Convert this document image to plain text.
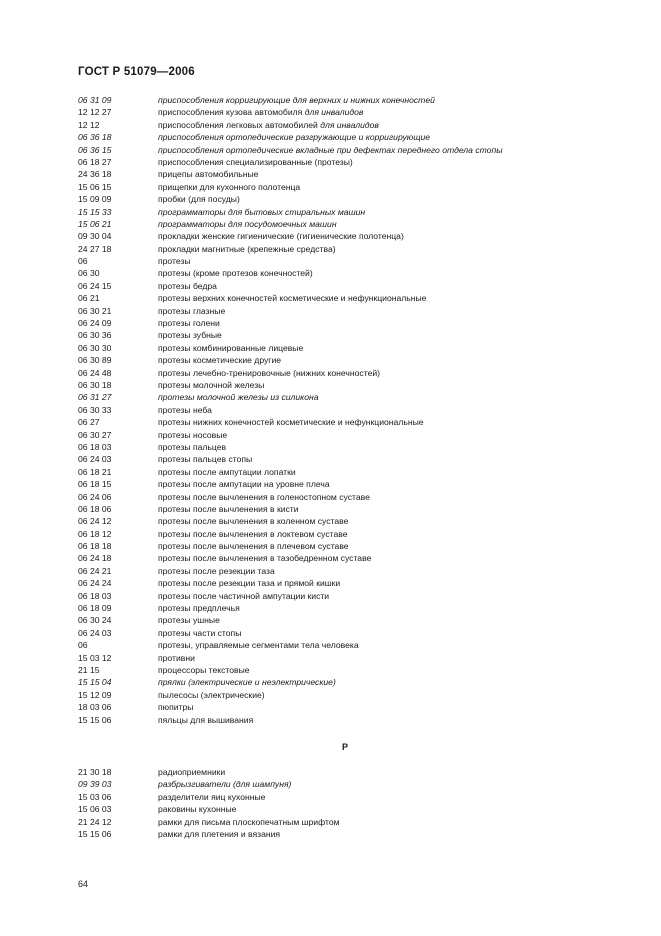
ГОСТ Р 51079—2006
06 31 09	приспособления корригирующие для верхних и нижних конечностей
12 12 27	приспособления кузова автомобиля для инвалидов
12 12	приспособления легковых автомобилей для инвалидов
06 36 18	приспособления ортопедические разгружающие и корригирующие
06 36 15	приспособления ортопедические вкладные при дефектах переднего отдела стопы
06 18 27	приспособления специализированные (протезы)
24 36 18	прицепы автомобильные
15 06 15	прищепки для кухонного полотенца
15 09 09	пробки (для посуды)
15 15 33	программаторы для бытовых стиральных машин
15 06 21	программаторы для посудомоечных машин
09 30 04	прокладки женские гигиенические (гигиенические полотенца)
24 27 18	прокладки магнитные (крепежные средства)
06	протезы
06 30	протезы (кроме протезов конечностей)
06 24 15	протезы бедра
06 21	протезы верхних конечностей косметические и нефункциональные
06 30 21	протезы глазные
06 24 09	протезы голени
06 30 36	протезы зубные
06 30 30	протезы комбинированные лицевые
06 30 89	протезы косметические другие
06 24 48	протезы лечебно-тренировочные (нижних конечностей)
06 30 18	протезы молочной железы
06 31 27	протезы молочной железы из силикона
06 30 33	протезы неба
06 27	протезы нижних конечностей косметические и нефункциональные
06 30 27	протезы носовые
06 18 03	протезы пальцев
06 24 03	протезы пальцев стопы
06 18 21	протезы после ампутации лопатки
06 18 15	протезы после ампутации на уровне плеча
06 24 06	протезы после вычленения в голеностопном суставе
06 18 06	протезы после вычленения в кисти
06 24 12	протезы после вычленения в коленном суставе
06 18 12	протезы после вычленения в локтевом суставе
06 18 18	протезы после вычленения в плечевом суставе
06 24 18	протезы после вычленения в тазобедренном суставе
06 24 21	протезы после резекции таза
06 24 24	протезы после резекции таза и прямой кишки
06 18 03	протезы после частичной ампутации кисти
06 18 09	протезы предплечья
06 30 24	протезы ушные
06 24 03	протезы части стопы
06	протезы, управляемые сегментами тела человека
15 03 12	противни
21 15	процессоры текстовые
15 15 04	прялки (электрические и неэлектрические)
15 12 09	пылесосы (электрические)
18 03 06	пюпитры
15 15 06	пяльцы для вышивания
Р
21 30 18	радиоприемники
09 39 03	разбрызгиватели (для шампуня)
15 03 06	разделители яиц кухонные
15 06 03	раковины кухонные
21 24 12	рамки для письма плоскопечатным шрифтом
15 15 06	рамки для плетения и вязания
64
